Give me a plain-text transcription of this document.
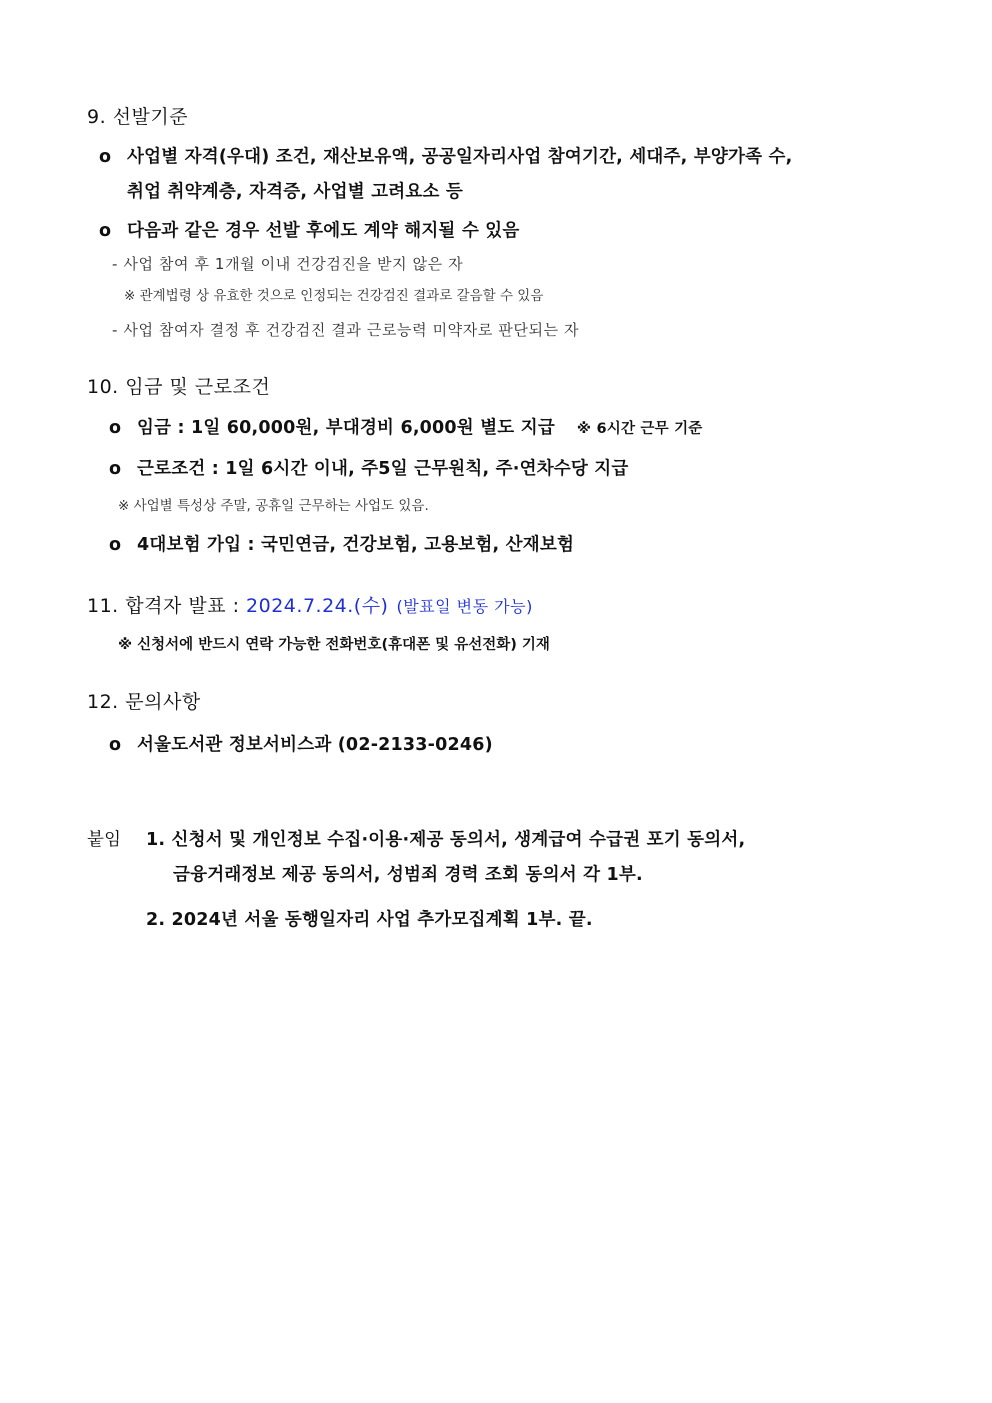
9. 선발기준
o 사업별 자격(우대) 조건, 재산보유액, 공공일자리사업 참여기간, 세대주, 부양가족 수,
취업 취약계층, 자격증, 사업별 고려요소 등
o 다음과 같은 경우 선발 후에도 계약 해지될 수 있음
- 사업 참여 후 1개월 이내 건강검진을 받지 않은 자
※ 관계법령 상 유효한 것으로 인정되는 건강검진 결과로 갈음할 수 있음
- 사업 참여자 결정 후 건강검진 결과 근로능력 미약자로 판단되는 자
10. 임금 및 근로조건
o 임금 : 1일 60,000원, 부대경비 6,000원 별도 지급 ※ 6시간 근무 기준
o 근로조건 : 1일 6시간 이내, 주5일 근무원칙, 주·연차수당 지급
※ 사업별 특성상 주말, 공휴일 근무하는 사업도 있음.
o 4대보험 가입 : 국민연금, 건강보험, 고용보험, 산재보험
11. 합격자 발표 : 2024.7.24.(수) (발표일 변동 가능)
※ 신청서에 반드시 연락 가능한 전화번호(휴대폰 및 유선전화) 기재
12. 문의사항
o 서울도서관 정보서비스과 (02-2133-0246)
붙임 1. 신청서 및 개인정보 수집·이용·제공 동의서, 생계급여 수급권 포기 동의서,
금융거래정보 제공 동의서, 성범죄 경력 조회 동의서 각 1부.
2. 2024년 서울 동행일자리 사업 추가모집계획 1부. 끝.
